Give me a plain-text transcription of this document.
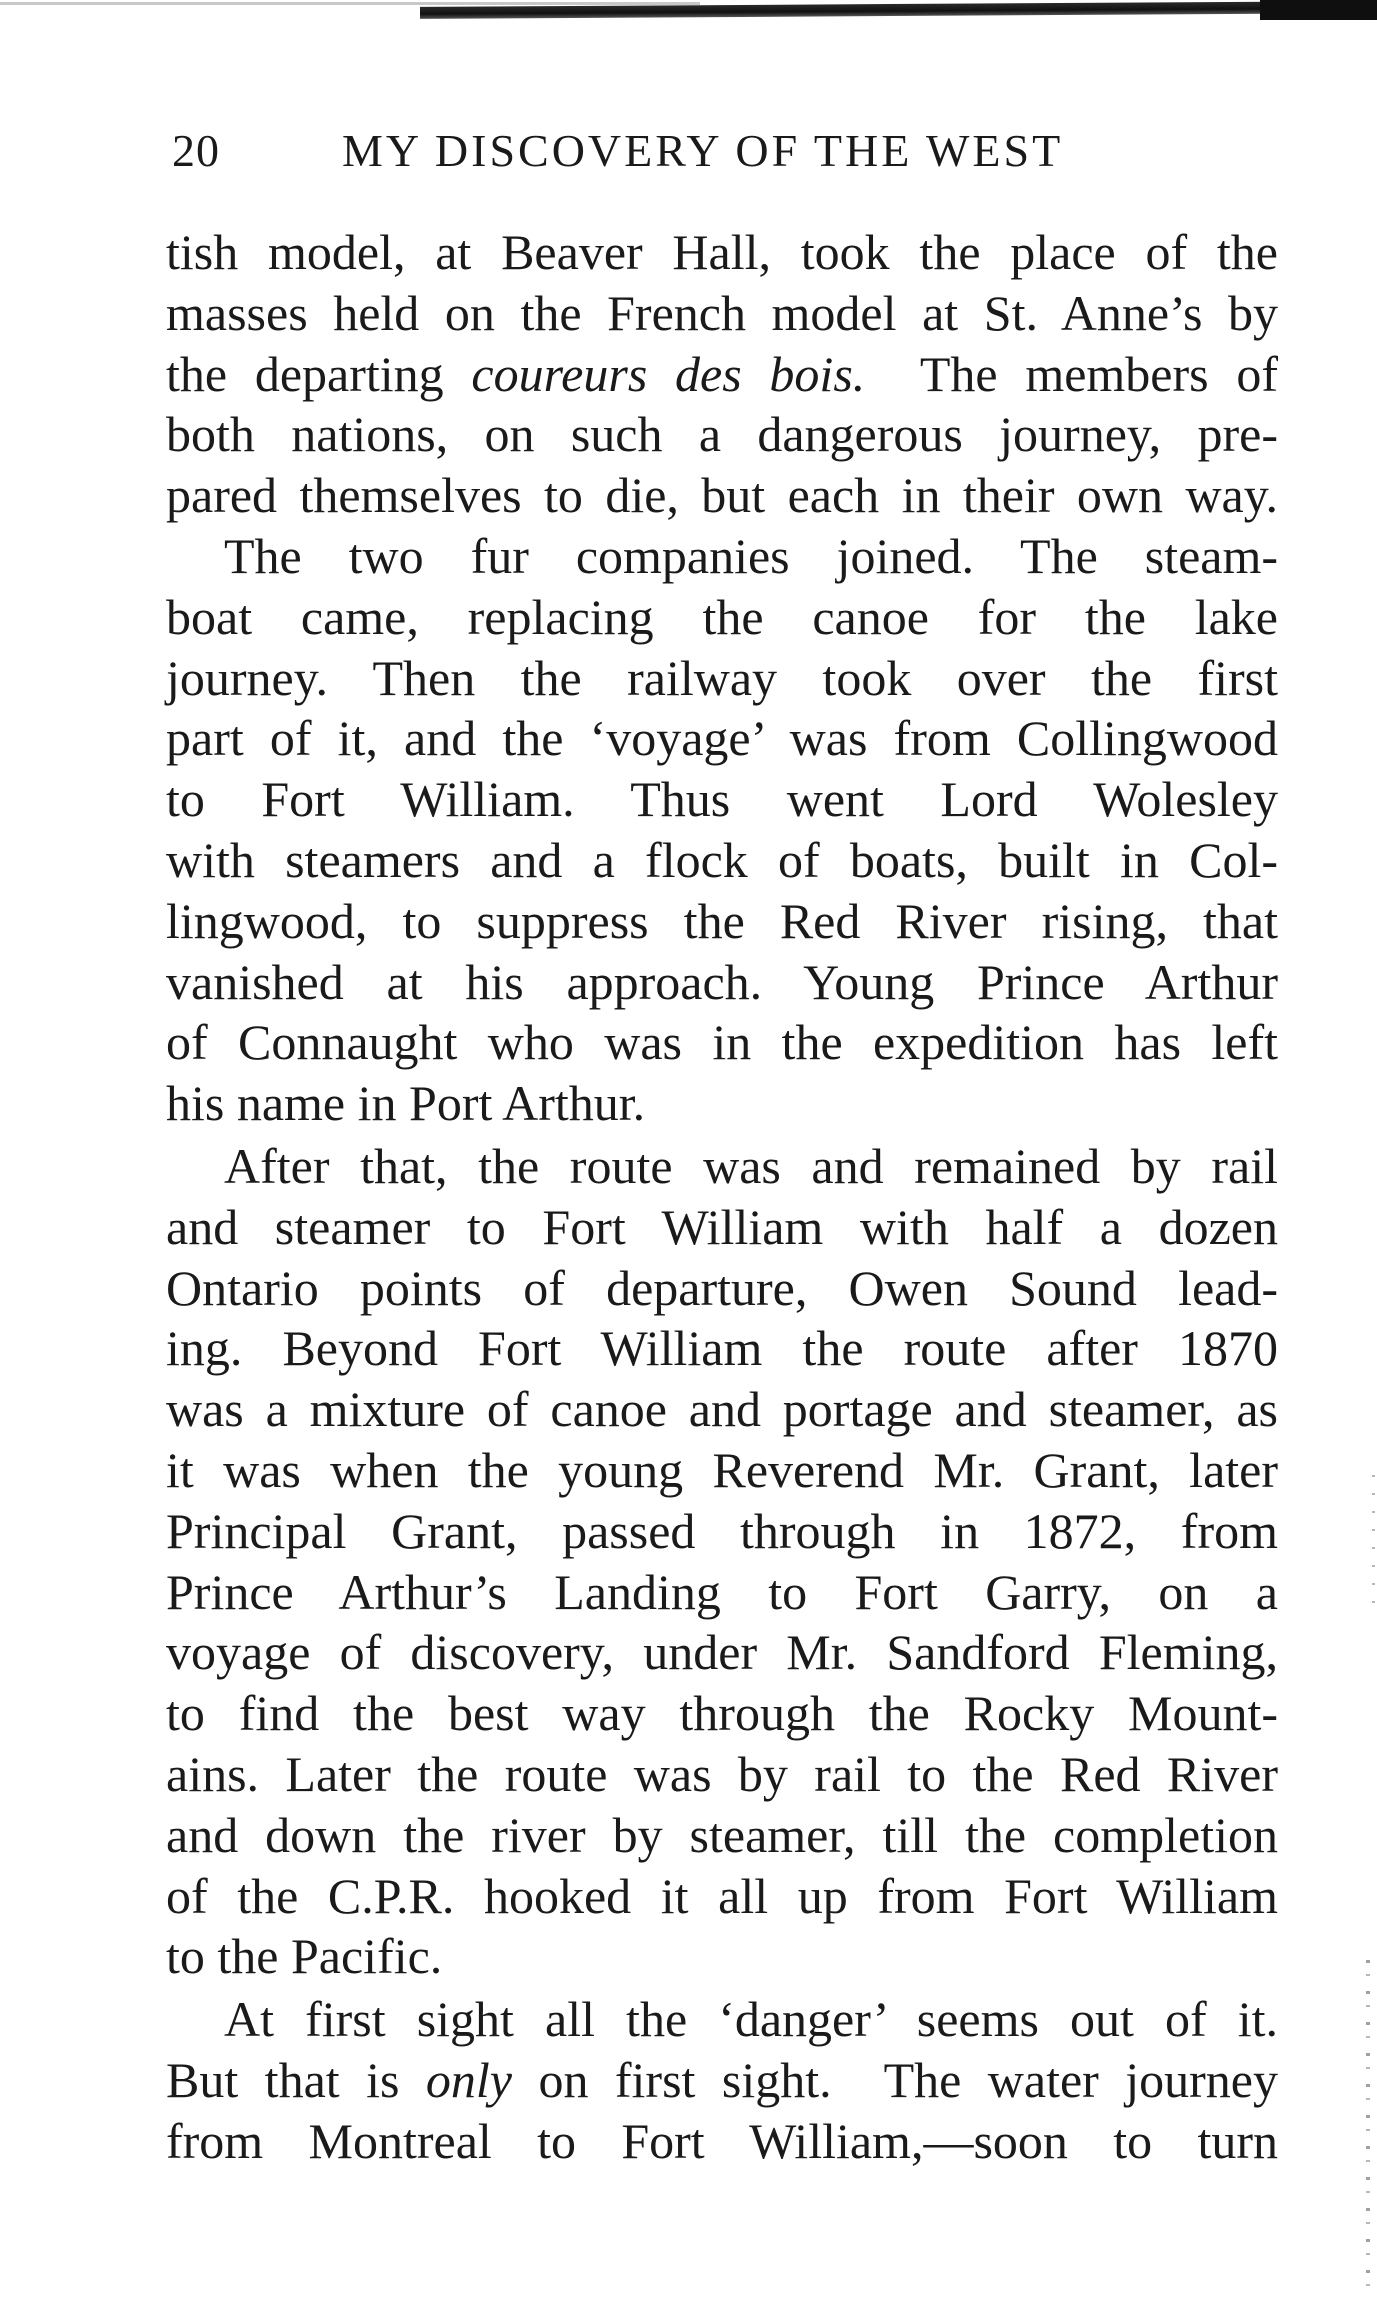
20	MY DISCOVERY OF THE WEST
tish model, at Beaver Hall, took the place of the
masses held on the French model at St. Anne’s by
the departing coureurs des bois.  The members of
both nations, on such a dangerous journey, pre-
pared themselves to die, but each in their own way.
The two fur companies joined. The steam-
boat came, replacing the canoe for the lake
journey. Then the railway took over the first
part of it, and the ‘voyage’ was from Collingwood
to Fort William. Thus went Lord Wolesley
with steamers and a flock of boats, built in Col-
lingwood, to suppress the Red River rising, that
vanished at his approach. Young Prince Arthur
of Connaught who was in the expedition has left
his name in Port Arthur.
After that, the route was and remained by rail
and steamer to Fort William with half a dozen
Ontario points of departure, Owen Sound lead-
ing. Beyond Fort William the route after 1870
was a mixture of canoe and portage and steamer, as
it was when the young Reverend Mr. Grant, later
Principal Grant, passed through in 1872, from
Prince Arthur’s Landing to Fort Garry, on a
voyage of discovery, under Mr. Sandford Fleming,
to find the best way through the Rocky Mount-
ains. Later the route was by rail to the Red River
and down the river by steamer, till the completion
of the C.P.R. hooked it all up from Fort William
to the Pacific.
At first sight all the ‘danger’ seems out of it.
But that is only on first sight.  The water journey
from Montreal to Fort William,—soon to turn
